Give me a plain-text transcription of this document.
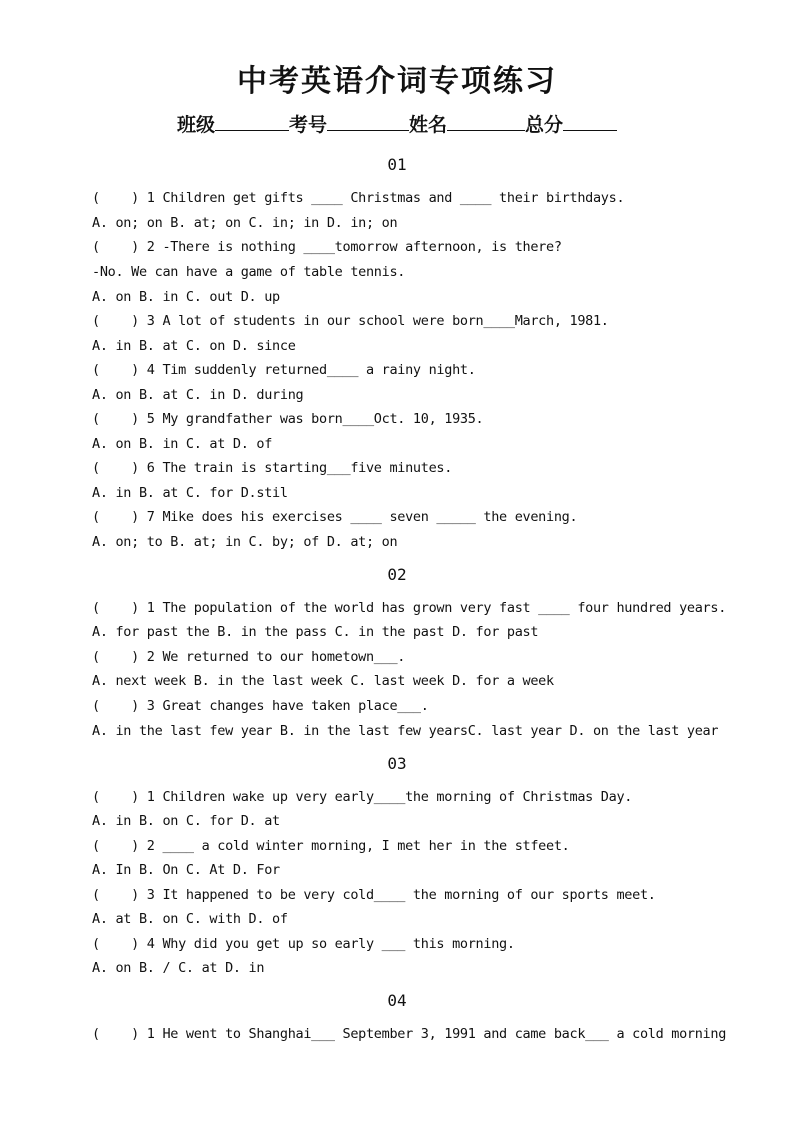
中考英语介词专项练习
班级	考号	姓名	总分
01
(    ) 1 Children get gifts ____ Christmas and ____ their birthdays.
A. on; on B. at; on C. in; in D. in; on
(    ) 2 -There is nothing ____tomorrow afternoon, is there?
-No. We can have a game of table tennis.
A. on B. in C. out D. up
(    ) 3 A lot of students in our school were born____March, 1981.
A. in B. at C. on D. since
(    ) 4 Tim suddenly returned____ a rainy night.
A. on B. at C. in D. during
(    ) 5 My grandfather was born____Oct. 10, 1935.
A. on B. in C. at D. of
(    ) 6 The train is starting___five minutes.
A. in B. at C. for D.stil
(    ) 7 Mike does his exercises ____ seven _____ the evening.
A. on; to B. at; in C. by; of D. at; on
02
(    ) 1 The population of the world has grown very fast ____ four hundred years.
A. for past the B. in the pass C. in the past D. for past
(    ) 2 We returned to our hometown___.
A. next week B. in the last week C. last week D. for a week
(    ) 3 Great changes have taken place___.
A. in the last few year B. in the last few yearsC. last year D. on the last year
03
(    ) 1 Children wake up very early____the morning of Christmas Day.
A. in B. on C. for D. at
(    ) 2 ____ a cold winter morning, I met her in the stfeet.
A. In B. On C. At D. For
(    ) 3 It happened to be very cold____ the morning of our sports meet.
A. at B. on C. with D. of
(    ) 4 Why did you get up so early ___ this morning.
A. on B. / C. at D. in
04
(    ) 1 He went to Shanghai___ September 3, 1991 and came back___ a cold morning
